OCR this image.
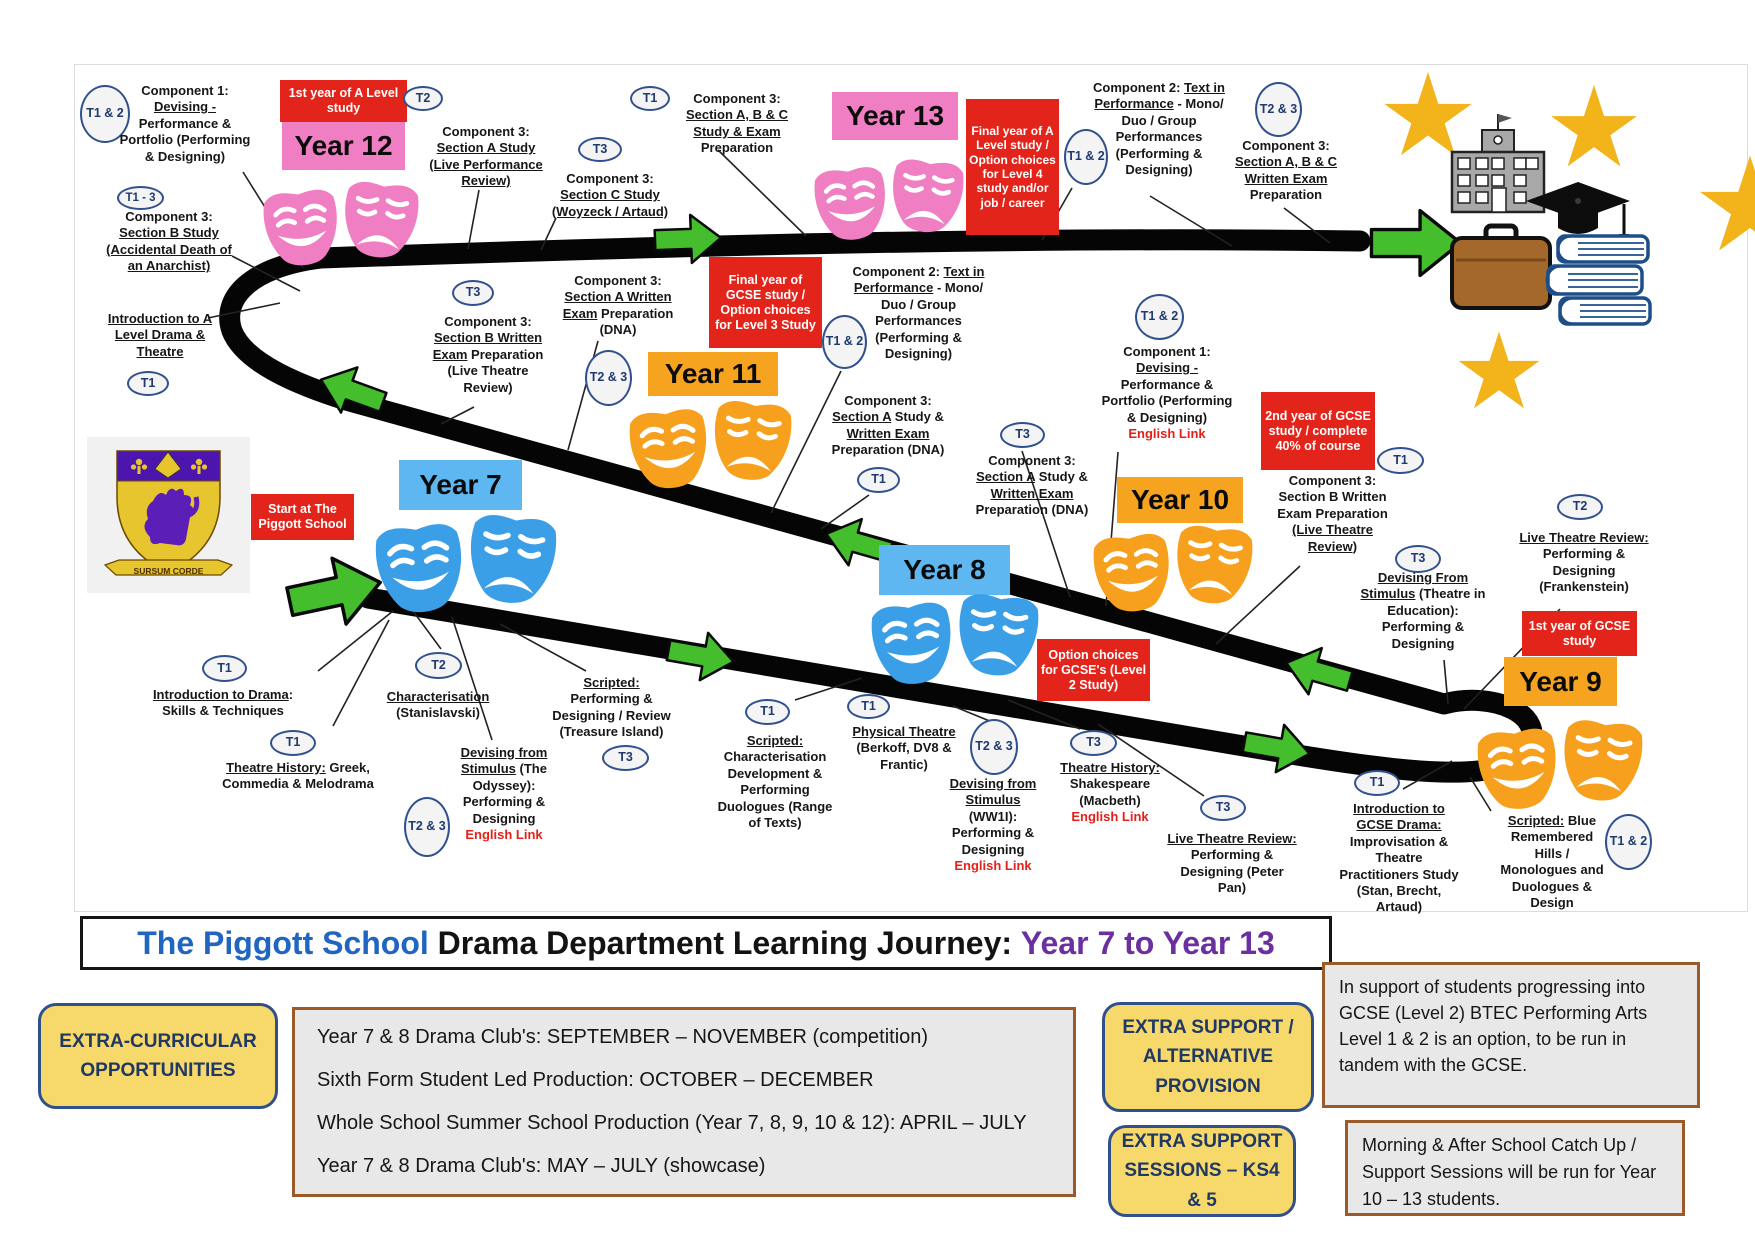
SURSUM CORDE
1st year of A Level study
Final year of A Level study / Option choices for Level 4 study and/or job / career
Final year of GCSE study / Option choices for Level 3 Study
2nd year of GCSE study / complete 40% of course
Option choices for GCSE's (Level 2 Study)
1st year of GCSE study
Start at The Piggott School
Year 12
Year 13
Year 11
Year 10
Year 9
Year 7
Year 8
T1 & 2
T1 - 3
T1
T2
T3
T1
T1 & 2
T2 & 3
T3
T2 & 3
T1 & 2
T1
T3
T1	T1
T2 & 3	T3
T3
T1 & 2
T1
T3
T2
T1
T1 & 2
T1
T1
T2
T2 & 3
T3
Component 1:
Devising -
Performance &
Portfolio (Performing
& Designing)
Component 3:
Section B Study
(Accidental Death of
an Anarchist)
Introduction to A
Level Drama &
Theatre
Component 3:
Section A Study
(Live Performance
Review)	Component 3:
Section C Study
(Woyzeck / Artaud)
Component 3:
Section A, B & C
Study & Exam
Preparation
Component 2: Text in
Performance - Mono/
Duo / Group
Performances
(Performing &
Designing)
Component 3:
Section A, B & C
Written Exam
Preparation
Component 2: Text in
Performance - Mono/
Duo / Group
Performances
(Performing &
Designing)
Component 3:
Section A Study &
Written Exam
Preparation (DNA)
Component 3:
Section B Written
Exam Preparation
(Live Theatre
Review)
Component 3:
Section A Written
Exam Preparation
(DNA)
Component 1:
Devising -
Performance &
Portfolio (Performing
& Designing)
English Link
Component 3:
Section B Written
Exam Preparation
(Live Theatre
Review)
Devising From
Stimulus (Theatre in
Education):
Performing &
Designing
Live Theatre Review:
Performing &
Designing
(Frankenstein)
Introduction to Drama:
Skills & Techniques
Theatre History: Greek,
Commedia & Melodrama
Characterisation
(Stanislavski)
Devising from
Stimulus (The
Odyssey):
Performing &
Designing
English Link
Scripted:
Performing &
Designing / Review
(Treasure Island)
Scripted:
Characterisation
Development &
Performing
Duologues (Range
of Texts)
Physical Theatre
(Berkoff, DV8 &
Frantic)
Devising from
Stimulus
(WW1I):
Performing &
Designing
English Link
Theatre History:
Shakespeare
(Macbeth)
English Link
Live Theatre Review:
Performing &
Designing (Peter
Pan)
Component 3:
Section A Study &
Written Exam
Preparation (DNA)
Introduction to
GCSE Drama:
Improvisation &
Theatre
Practitioners Study
(Stan, Brecht,
Artaud)
Scripted: Blue
Remembered
Hills /
Monologues and
Duologues &
Design
The Piggott School Drama Department Learning Journey: Year 7 to Year 13
EXTRA-CURRICULAR OPPORTUNITIES
Year 7 & 8 Drama Club's: SEPTEMBER – NOVEMBER (competition)
Sixth Form Student Led Production: OCTOBER – DECEMBER
Whole School Summer School Production (Year 7, 8, 9, 10 & 12): APRIL – JULY
Year 7 & 8 Drama Club's: MAY – JULY (showcase)
EXTRA SUPPORT / ALTERNATIVE PROVISION
EXTRA SUPPORT SESSIONS – KS4 & 5
In support of students progressing into GCSE (Level 2) BTEC Performing Arts Level 1 & 2 is an option, to be run in tandem with the GCSE.
Morning & After School Catch Up / Support Sessions will be run for Year 10 – 13 students.
